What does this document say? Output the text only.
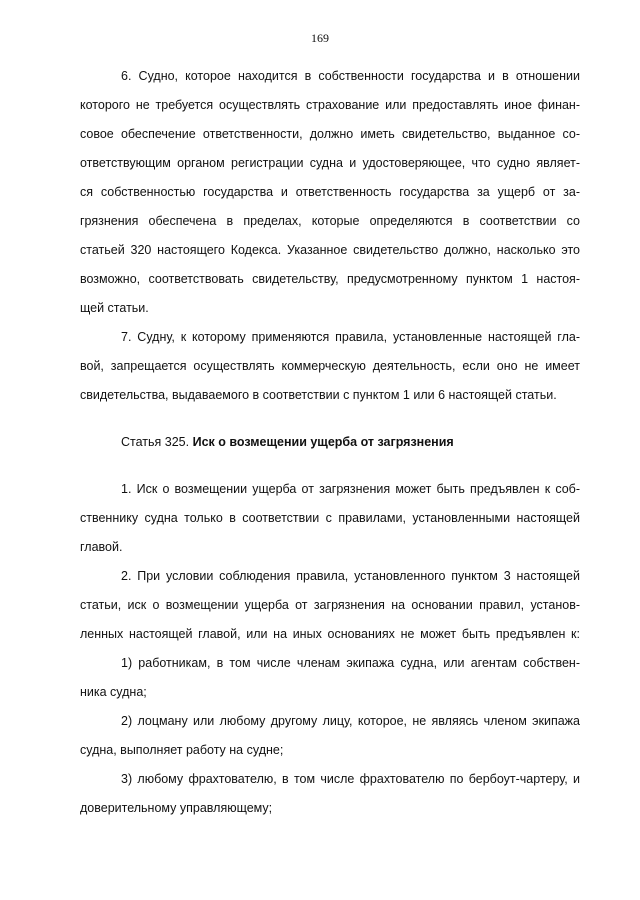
169
6. Судно, которое находится в собственности государства и в отношении
которого не требуется осуществлять страхование или предоставлять иное финан-
совое обеспечение ответственности, должно иметь свидетельство, выданное со-
ответствующим органом регистрации судна и удостоверяющее, что судно являет-
ся собственностью государства и ответственность государства за ущерб от за-
грязнения обеспечена в пределах, которые определяются в соответствии со
статьей 320 настоящего Кодекса. Указанное свидетельство должно, насколько это
возможно, соответствовать свидетельству, предусмотренному пунктом 1 настоя-
щей статьи.
7. Судну, к которому применяются правила, установленные настоящей гла-
вой, запрещается осуществлять коммерческую деятельность, если оно не имеет
свидетельства, выдаваемого в соответствии с пунктом 1 или 6 настоящей статьи.
Статья 325. Иск о возмещении ущерба от загрязнения
1. Иск о возмещении ущерба от загрязнения может быть предъявлен к соб-
ственнику судна только в соответствии с правилами, установленными настоящей
главой.
2. При условии соблюдения правила, установленного пунктом 3 настоящей
статьи, иск о возмещении ущерба от загрязнения на основании правил, установ-
ленных настоящей главой, или на иных основаниях не может быть предъявлен к:
1) работникам, в том числе членам экипажа судна, или агентам собствен-
ника судна;
2) лоцману или любому другому лицу, которое, не являясь членом экипажа
судна, выполняет работу на судне;
3) любому фрахтователю, в том числе фрахтователю по бербоут-чартеру, и
доверительному управляющему;
